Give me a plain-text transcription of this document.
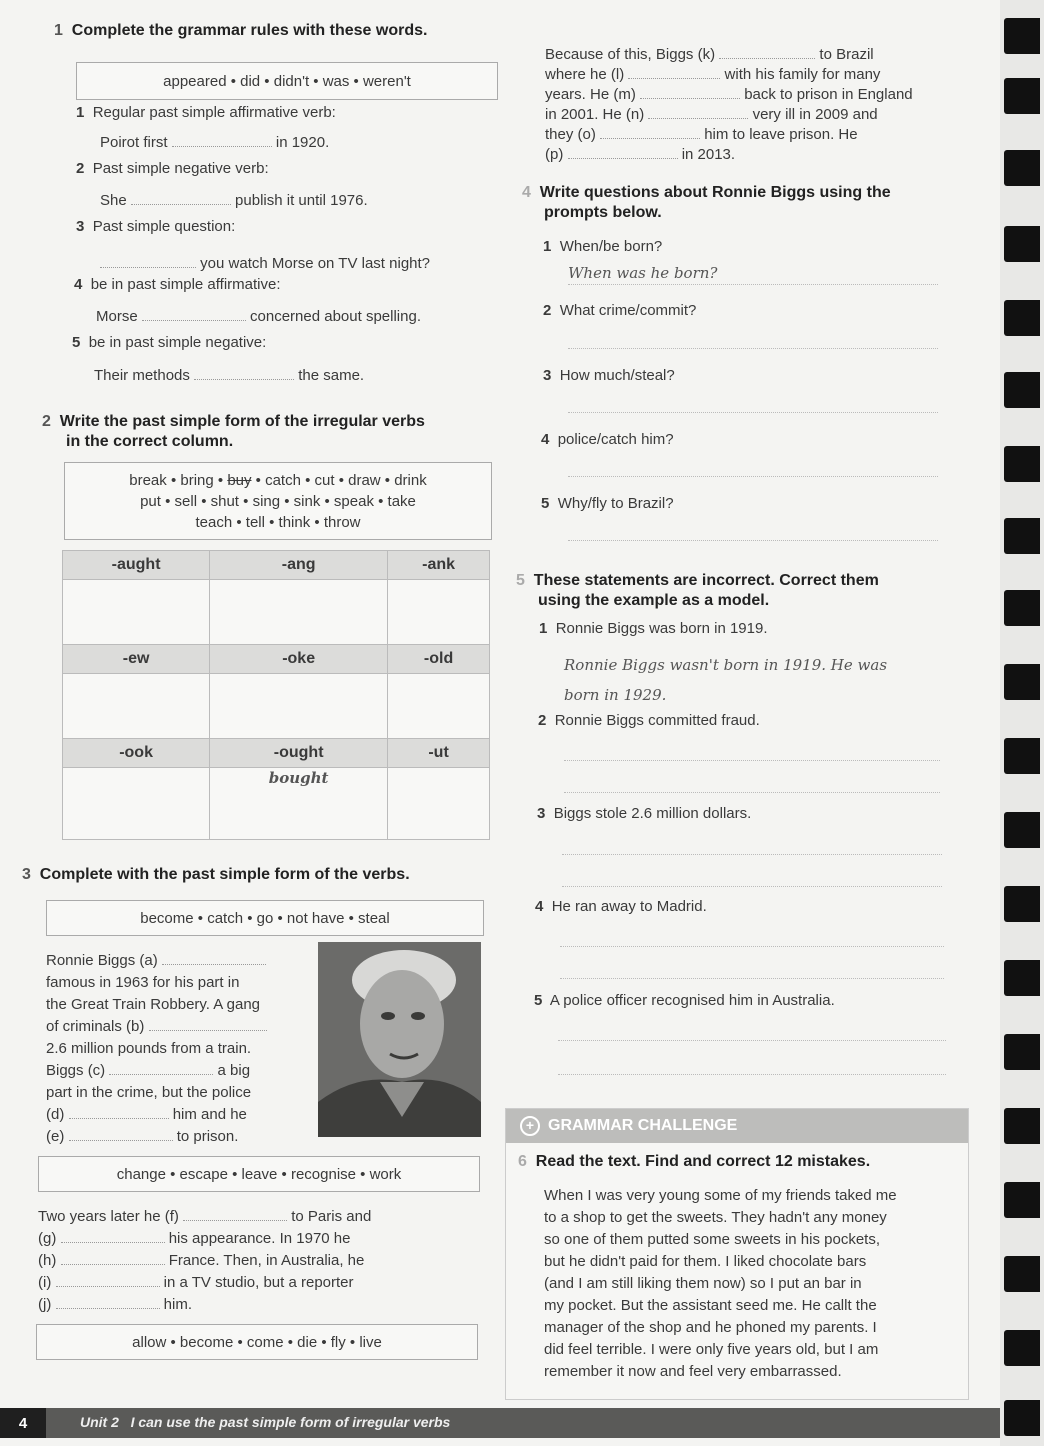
1 Complete the grammar rules with these words.
appeared • did • didn't • was • weren't
1 Regular past simple affirmative verb:
Poirot first	in 1920.
2 Past simple negative verb:
She	publish it until 1976.
3 Past simple question:
you watch Morse on TV last night?
4 be in past simple affirmative:
Morse	concerned about spelling.
5 be in past simple negative:
Their methods	the same.
2 Write the past simple form of the irregular verbs
in the correct column.
break • bring • buy • catch • cut • draw • drink
put • sell • shut • sing • sink • speak • take
teach • tell • think • throw
-aught	-ang	-ank

-ew	-oke	-old

-ook	-ought	-ut
	bought	
3 Complete with the past simple form of the verbs.
become • catch • go • not have • steal
Ronnie Biggs (a)
famous in 1963 for his part in
the Great Train Robbery. A gang
of criminals (b)
2.6 million pounds from a train.
Biggs (c)	a big
part in the crime, but the police
(d)	him and he
(e)	to prison.
change • escape • leave • recognise • work
Two years later he (f)	to Paris and
(g)	his appearance. In 1970 he
(h)	France. Then, in Australia, he
(i)	in a TV studio, but a reporter
(j)	him.
allow • become • come • die • fly • live
Because of this, Biggs (k)	to Brazil
where he (l)	with his family for many
years. He (m)	back to prison in England
in 2001. He (n)	very ill in 2009 and
they (o)	him to leave prison. He
(p)	in 2013.
4 Write questions about Ronnie Biggs using the
prompts below.
1 When/be born?
When was he born?
2 What crime/commit?
3 How much/steal?
4 police/catch him?
5 Why/fly to Brazil?
5 These statements are incorrect. Correct them
using the example as a model.
1 Ronnie Biggs was born in 1919.
Ronnie Biggs wasn't born in 1919. He was
born in 1929.
2 Ronnie Biggs committed fraud.
3 Biggs stole 2.6 million dollars.
4 He ran away to Madrid.
5 A police officer recognised him in Australia.
+ GRAMMAR CHALLENGE
6 Read the text. Find and correct 12 mistakes.
When I was very young some of my friends taked me
to a shop to get the sweets. They hadn't any money
so one of them putted some sweets in his pockets,
but he didn't paid for them. I liked chocolate bars
(and I am still liking them now) so I put an bar in
my pocket. But the assistant seed me. He callt the
manager of the shop and he phoned my parents. I
did feel terrible. I were only five years old, but I am
remember it now and feel very embarrassed.
4	Unit 2 I can use the past simple form of irregular verbs
